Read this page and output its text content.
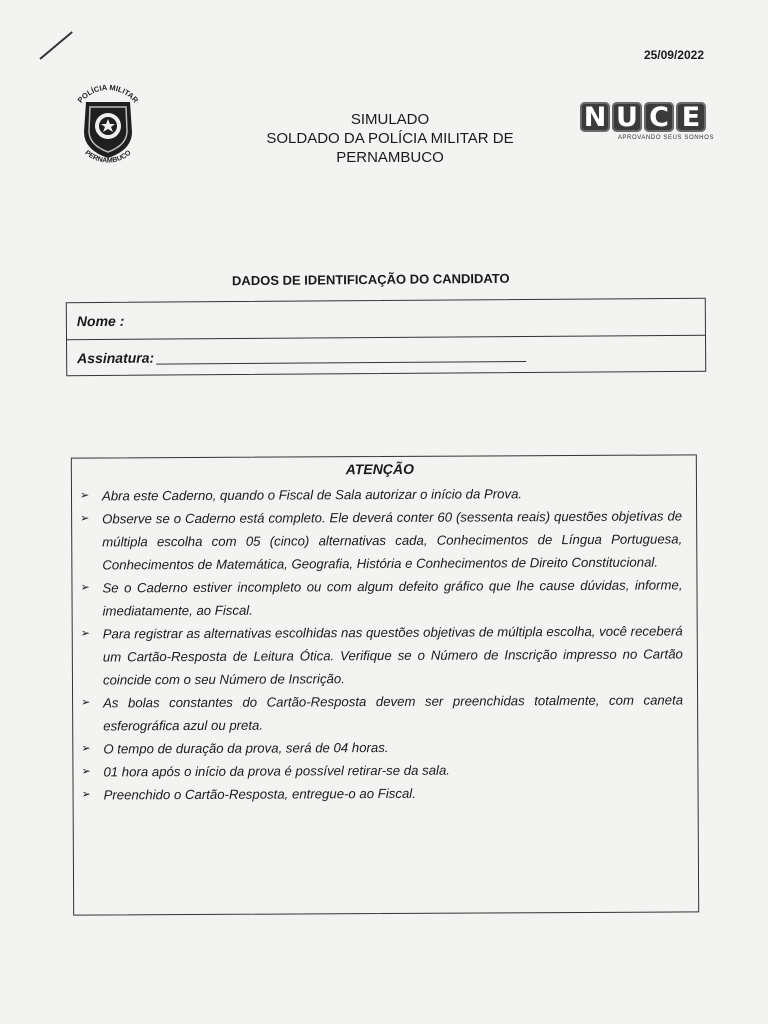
25/09/2022
POLÍCIA MILITAR
PERNAMBUCO
SIMULADO
SOLDADO DA POLÍCIA MILITAR DE
PERNAMBUCO
N U C E
APROVANDO SEUS SONHOS
DADOS DE IDENTIFICAÇÃO DO CANDIDATO
Nome :
Assinatura:
ATENÇÃO
➢ Abra este Caderno, quando o Fiscal de Sala autorizar o início da Prova.
➢ Observe se o Caderno está completo. Ele deverá conter 60 (sessenta reais) questões objetivas de múltipla escolha com 05 (cinco) alternativas cada, Conhecimentos de Língua Portuguesa, Conhecimentos de Matemática, Geografia, História e Conhecimentos de Direito Constitucional.
➢ Se o Caderno estiver incompleto ou com algum defeito gráfico que lhe cause dúvidas, informe, imediatamente, ao Fiscal.
➢ Para registrar as alternativas escolhidas nas questões objetivas de múltipla escolha, você receberá um Cartão-Resposta de Leitura Ótica. Verifique se o Número de Inscrição impresso no Cartão coincide com o seu Número de Inscrição.
➢ As bolas constantes do Cartão-Resposta devem ser preenchidas totalmente, com caneta esferográfica azul ou preta.
➢ O tempo de duração da prova, será de 04 horas.
➢ 01 hora após o início da prova é possível retirar-se da sala.
➢ Preenchido o Cartão-Resposta, entregue-o ao Fiscal.
